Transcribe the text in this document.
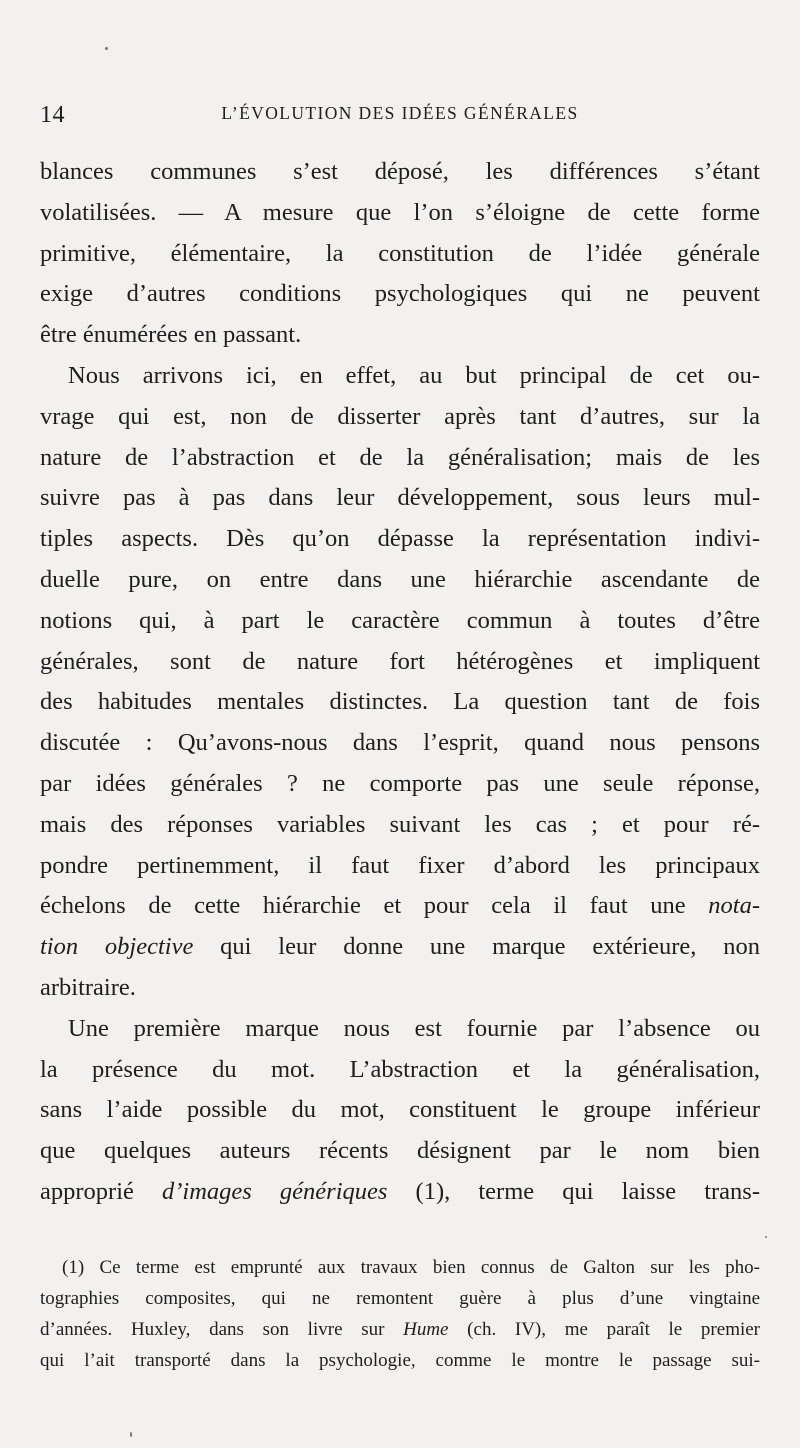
14	L’ÉVOLUTION DES IDÉES GÉNÉRALES
blances communes s’est déposé, les différences s’étant
volatilisées. — A mesure que l’on s’éloigne de cette forme
primitive, élémentaire, la constitution de l’idée générale
exige d’autres conditions psychologiques qui ne peuvent
être énumérées en passant.
Nous arrivons ici, en effet, au but principal de cet ou-
vrage qui est, non de disserter après tant d’autres, sur la
nature de l’abstraction et de la généralisation; mais de les
suivre pas à pas dans leur développement, sous leurs mul-
tiples aspects. Dès qu’on dépasse la représentation indivi-
duelle pure, on entre dans une hiérarchie ascendante de
notions qui, à part le caractère commun à toutes d’être
générales, sont de nature fort hétérogènes et impliquent
des habitudes mentales distinctes. La question tant de fois
discutée : Qu’avons-nous dans l’esprit, quand nous pensons
par idées générales ? ne comporte pas une seule réponse,
mais des réponses variables suivant les cas ; et pour ré-
pondre pertinemment, il faut fixer d’abord les principaux
échelons de cette hiérarchie et pour cela il faut une nota-
tion objective qui leur donne une marque extérieure, non
arbitraire.
Une première marque nous est fournie par l’absence ou
la présence du mot. L’abstraction et la généralisation,
sans l’aide possible du mot, constituent le groupe inférieur
que quelques auteurs récents désignent par le nom bien
approprié d’images génériques (1), terme qui laisse trans-
(1) Ce terme est emprunté aux travaux bien connus de Galton sur les pho-
tographies composites, qui ne remontent guère à plus d’une vingtaine
d’années. Huxley, dans son livre sur Hume (ch. IV), me paraît le premier
qui l’ait transporté dans la psychologie, comme le montre le passage sui-
